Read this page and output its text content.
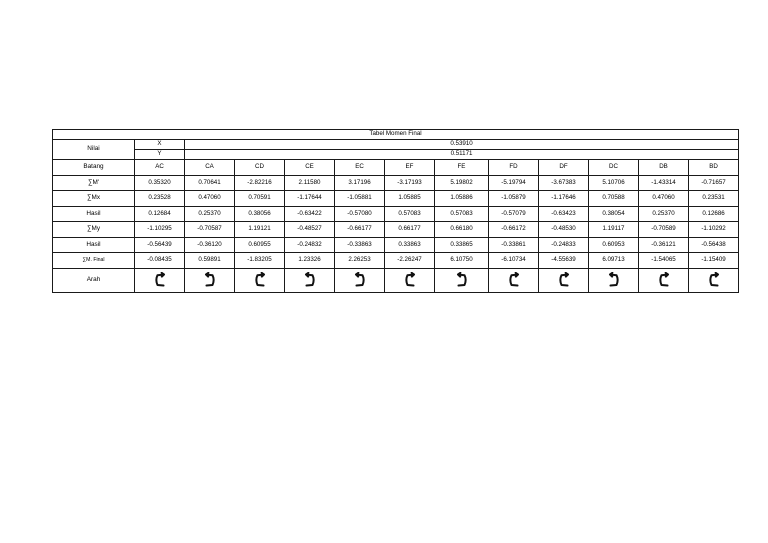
Tabel Momen Final												
Nilai	X	0.53910										
	Y	0.51171										
Batang	AC	CA	CD	CE	EC	EF	FE	FD	DF	DC	DB	BD
∑M'	0.35320	0.70641	-2.82216	2.11580	3.17196	-3.17193	5.19802	-5.19794	-3.67383	5.10706	-1.43314	-0.71657
∑Mx	0.23528	0.47060	0.70591	-1.17644	-1.05881	1.05885	1.05886	-1.05879	-1.17646	0.70588	0.47060	0.23531
Hasil	0.12684	0.25370	0.38056	-0.63422	-0.57080	0.57083	0.57083	-0.57079	-0.63423	0.38054	0.25370	0.12686
∑My	-1.10295	-0.70587	1.19121	-0.48527	-0.66177	0.66177	0.66180	-0.66172	-0.48530	1.19117	-0.70589	-1.10292
Hasil	-0.56439	-0.36120	0.60955	-0.24832	-0.33863	0.33863	0.33865	-0.33861	-0.24833	0.60953	-0.36121	-0.56438
∑M. Final	-0.08435	0.59891	-1.83205	1.23326	2.26253	-2.26247	6.10750	-6.10734	-4.55639	6.09713	-1.54065	-1.15409
Arah	
